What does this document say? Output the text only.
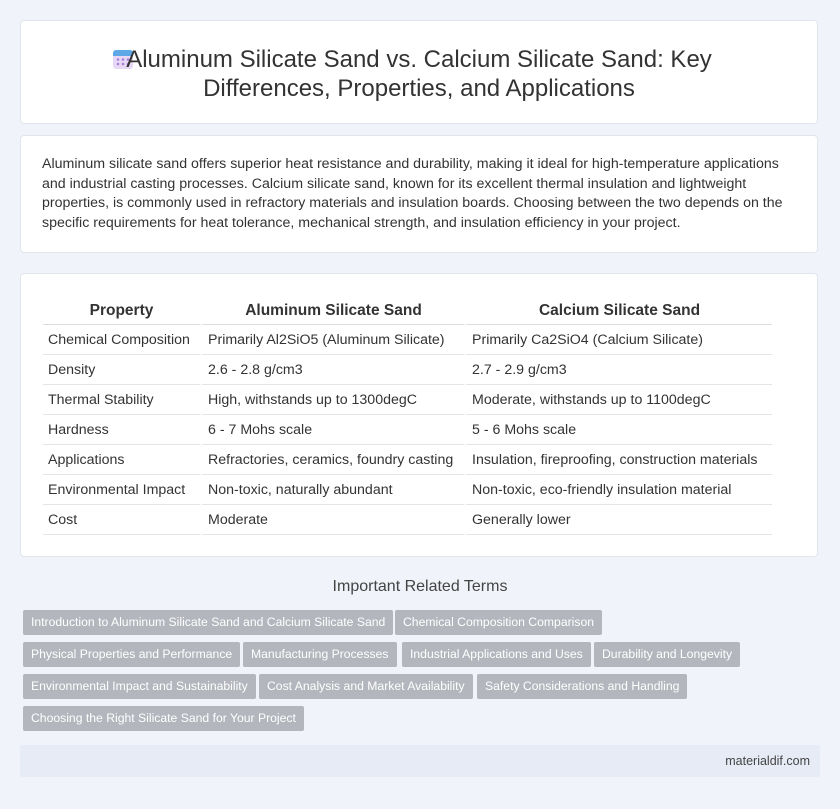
Aluminum Silicate Sand vs. Calcium Silicate Sand: Key Differences, Properties, and Applications

Aluminum silicate sand offers superior heat resistance and durability, making it ideal for high-temperature applications and industrial casting processes. Calcium silicate sand, known for its excellent thermal insulation and lightweight properties, is commonly used in refractory materials and insulation boards. Choosing between the two depends on the specific requirements for heat tolerance, mechanical strength, and insulation efficiency in your project.

Property	Aluminum Silicate Sand	Calcium Silicate Sand
Chemical Composition	Primarily Al2SiO5 (Aluminum Silicate)	Primarily Ca2SiO4 (Calcium Silicate)
Density	2.6 - 2.8 g/cm3	2.7 - 2.9 g/cm3
Thermal Stability	High, withstands up to 1300degC	Moderate, withstands up to 1100degC
Hardness	6 - 7 Mohs scale	5 - 6 Mohs scale
Applications	Refractories, ceramics, foundry casting	Insulation, fireproofing, construction materials
Environmental Impact	Non-toxic, naturally abundant	Non-toxic, eco-friendly insulation material
Cost	Moderate	Generally lower
Important Related Terms
Introduction to Aluminum Silicate Sand and Calcium Silicate Sand	Chemical Composition Comparison
Physical Properties and Performance	Manufacturing Processes	Industrial Applications and Uses	Durability and Longevity
Environmental Impact and Sustainability	Cost Analysis and Market Availability	Safety Considerations and Handling
Choosing the Right Silicate Sand for Your Project
materialdif.com
